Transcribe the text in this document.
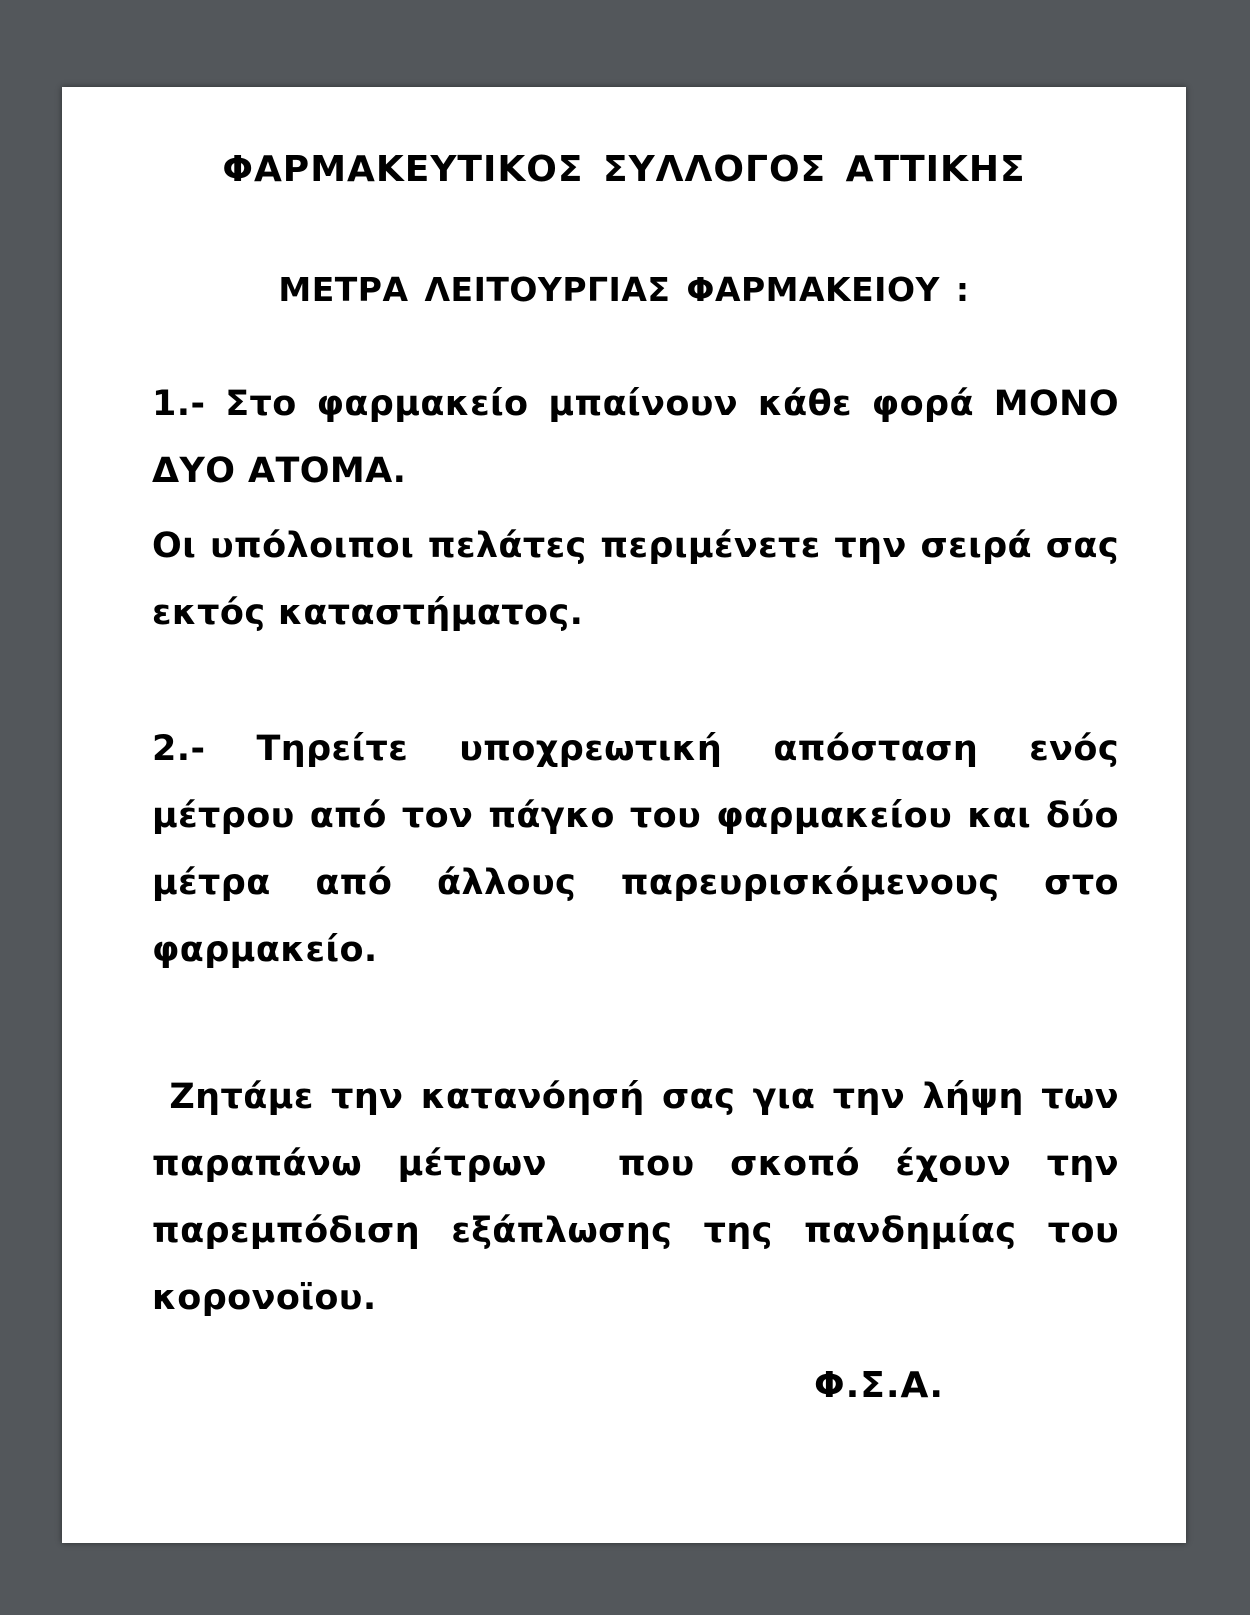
ΦΑΡΜΑΚΕΥΤΙΚΟΣ ΣΥΛΛΟΓΟΣ ΑΤΤΙΚΗΣ
ΜΕΤΡΑ ΛΕΙΤΟΥΡΓΙΑΣ ΦΑΡΜΑΚΕΙΟΥ :

1.- Στο φαρμακείο μπαίνουν κάθε φορά ΜΟΝΟ ΔΥΟ ΑΤΟΜΑ.

Οι υπόλοιποι πελάτες περιμένετε την σειρά σας εκτός καταστήματος.

2.- Τηρείτε υποχρεωτική απόσταση ενός μέτρου από τον πάγκο του φαρμακείου και δύο μέτρα από άλλους παρευρισκόμενους στο φαρμακείο.

Ζητάμε την κατανόησή σας για την λήψη των παραπάνω μέτρων  που σκοπό έχουν την παρεμπόδιση εξάπλωσης της πανδημίας του κορονοϊου.

Φ.Σ.Α.
